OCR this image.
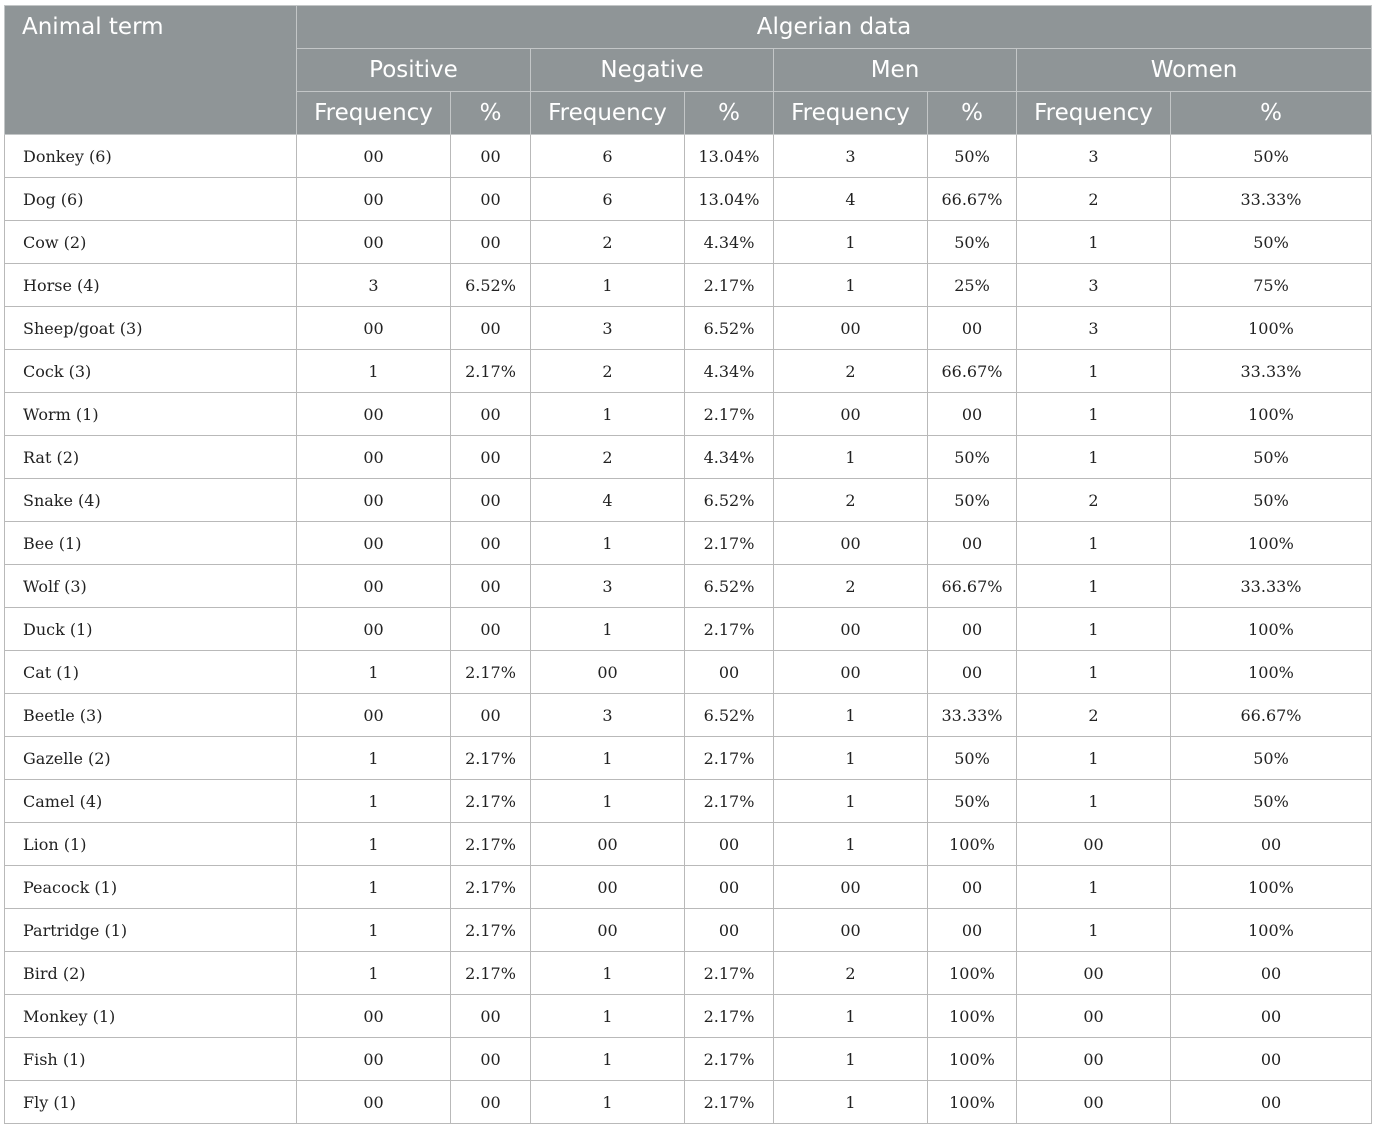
Animal term	Algerian data							
	Positive		Negative		Men		Women	
	Frequency	%	Frequency	%	Frequency	%	Frequency	%
Donkey (6)	00	00	6	13.04%	3	50%	3	50%
Dog (6)	00	00	6	13.04%	4	66.67%	2	33.33%
Cow (2)	00	00	2	4.34%	1	50%	1	50%
Horse (4)	3	6.52%	1	2.17%	1	25%	3	75%
Sheep/goat (3)	00	00	3	6.52%	00	00	3	100%
Cock (3)	1	2.17%	2	4.34%	2	66.67%	1	33.33%
Worm (1)	00	00	1	2.17%	00	00	1	100%
Rat (2)	00	00	2	4.34%	1	50%	1	50%
Snake (4)	00	00	4	6.52%	2	50%	2	50%
Bee (1)	00	00	1	2.17%	00	00	1	100%
Wolf (3)	00	00	3	6.52%	2	66.67%	1	33.33%
Duck (1)	00	00	1	2.17%	00	00	1	100%
Cat (1)	1	2.17%	00	00	00	00	1	100%
Beetle (3)	00	00	3	6.52%	1	33.33%	2	66.67%
Gazelle (2)	1	2.17%	1	2.17%	1	50%	1	50%
Camel (4)	1	2.17%	1	2.17%	1	50%	1	50%
Lion (1)	1	2.17%	00	00	1	100%	00	00
Peacock (1)	1	2.17%	00	00	00	00	1	100%
Partridge (1)	1	2.17%	00	00	00	00	1	100%
Bird (2)	1	2.17%	1	2.17%	2	100%	00	00
Monkey (1)	00	00	1	2.17%	1	100%	00	00
Fish (1)	00	00	1	2.17%	1	100%	00	00
Fly (1)	00	00	1	2.17%	1	100%	00	00
